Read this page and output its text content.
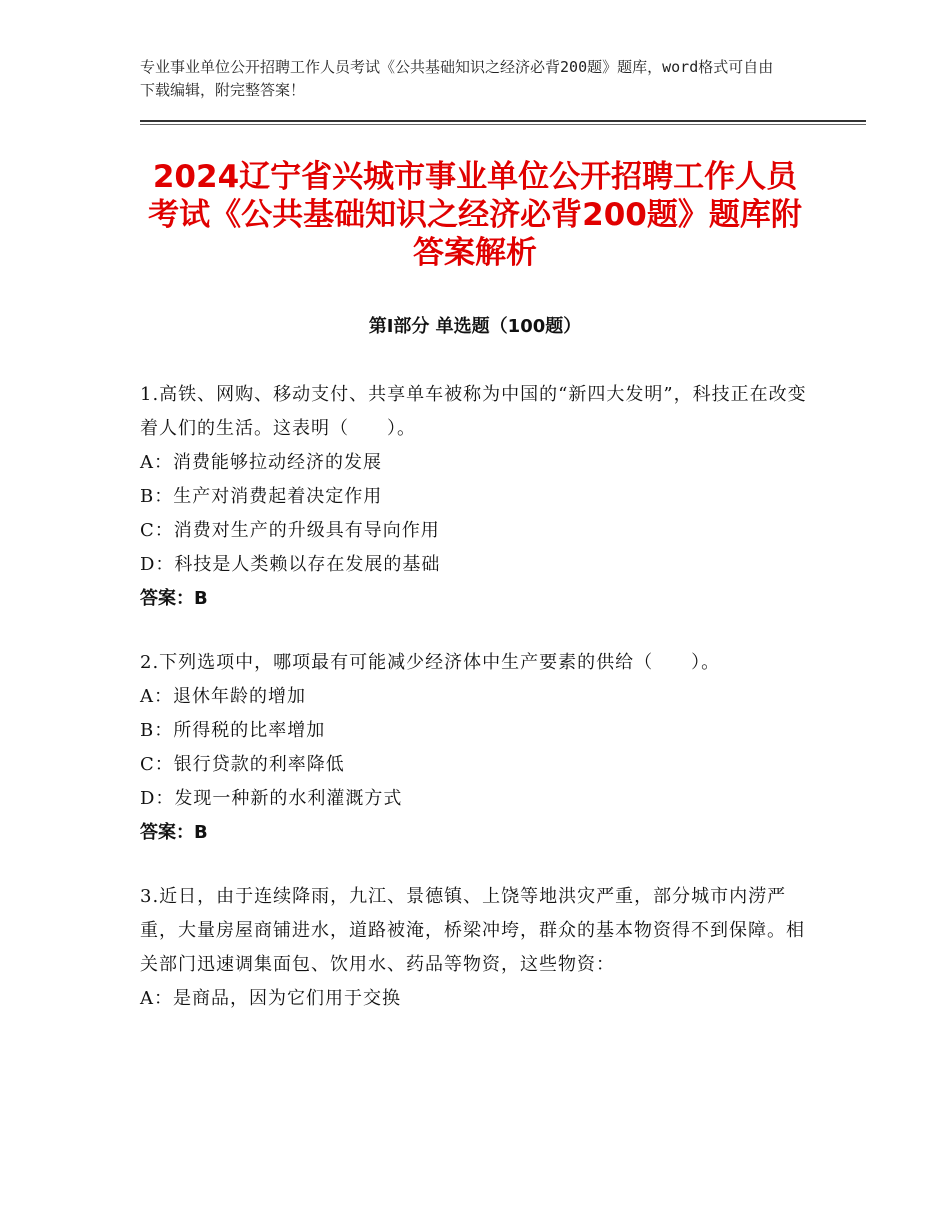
专业事业单位公开招聘工作人员考试《公共基础知识之经济必背200题》题库，word格式可自由下载编辑，附完整答案！
2024辽宁省兴城市事业单位公开招聘工作人员考试《公共基础知识之经济必背200题》题库附答案解析
第Ⅰ部分 单选题（100题）
1.高铁、网购、移动支付、共享单车被称为中国的“新四大发明”，科技正在改变着人们的生活。这表明（　　）。
A：消费能够拉动经济的发展
B：生产对消费起着决定作用
C：消费对生产的升级具有导向作用
D：科技是人类赖以存在发展的基础
答案：B
2.下列选项中，哪项最有可能减少经济体中生产要素的供给（　　）。
A：退休年龄的增加
B：所得税的比率增加
C：银行贷款的利率降低
D：发现一种新的水利灌溉方式
答案：B
3.近日，由于连续降雨，九江、景德镇、上饶等地洪灾严重，部分城市内涝严重，大量房屋商铺进水，道路被淹，桥梁冲垮，群众的基本物资得不到保障。相关部门迅速调集面包、饮用水、药品等物资，这些物资：
A：是商品，因为它们用于交换
